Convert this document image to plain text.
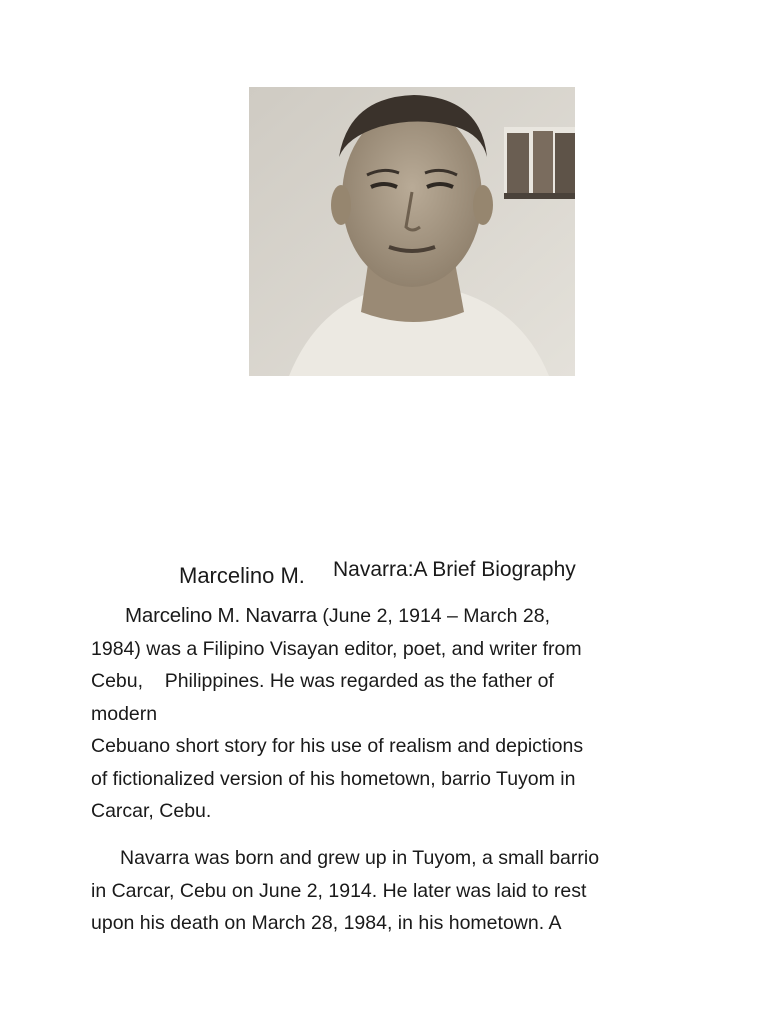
Marcelino M. Navarra:A Brief Biography

Marcelino M. Navarra (June 2, 1914 – March 28,
1984) was a Filipino Visayan editor, poet, and writer from
Cebu,    Philippines. He was regarded as the father of
modern
Cebuano short story for his use of realism and depictions
of fictionalized version of his hometown, barrio Tuyom in
Carcar, Cebu.

Navarra was born and grew up in Tuyom, a small barrio
in Carcar, Cebu on June 2, 1914. He later was laid to rest
upon his death on March 28, 1984, in his hometown. A
